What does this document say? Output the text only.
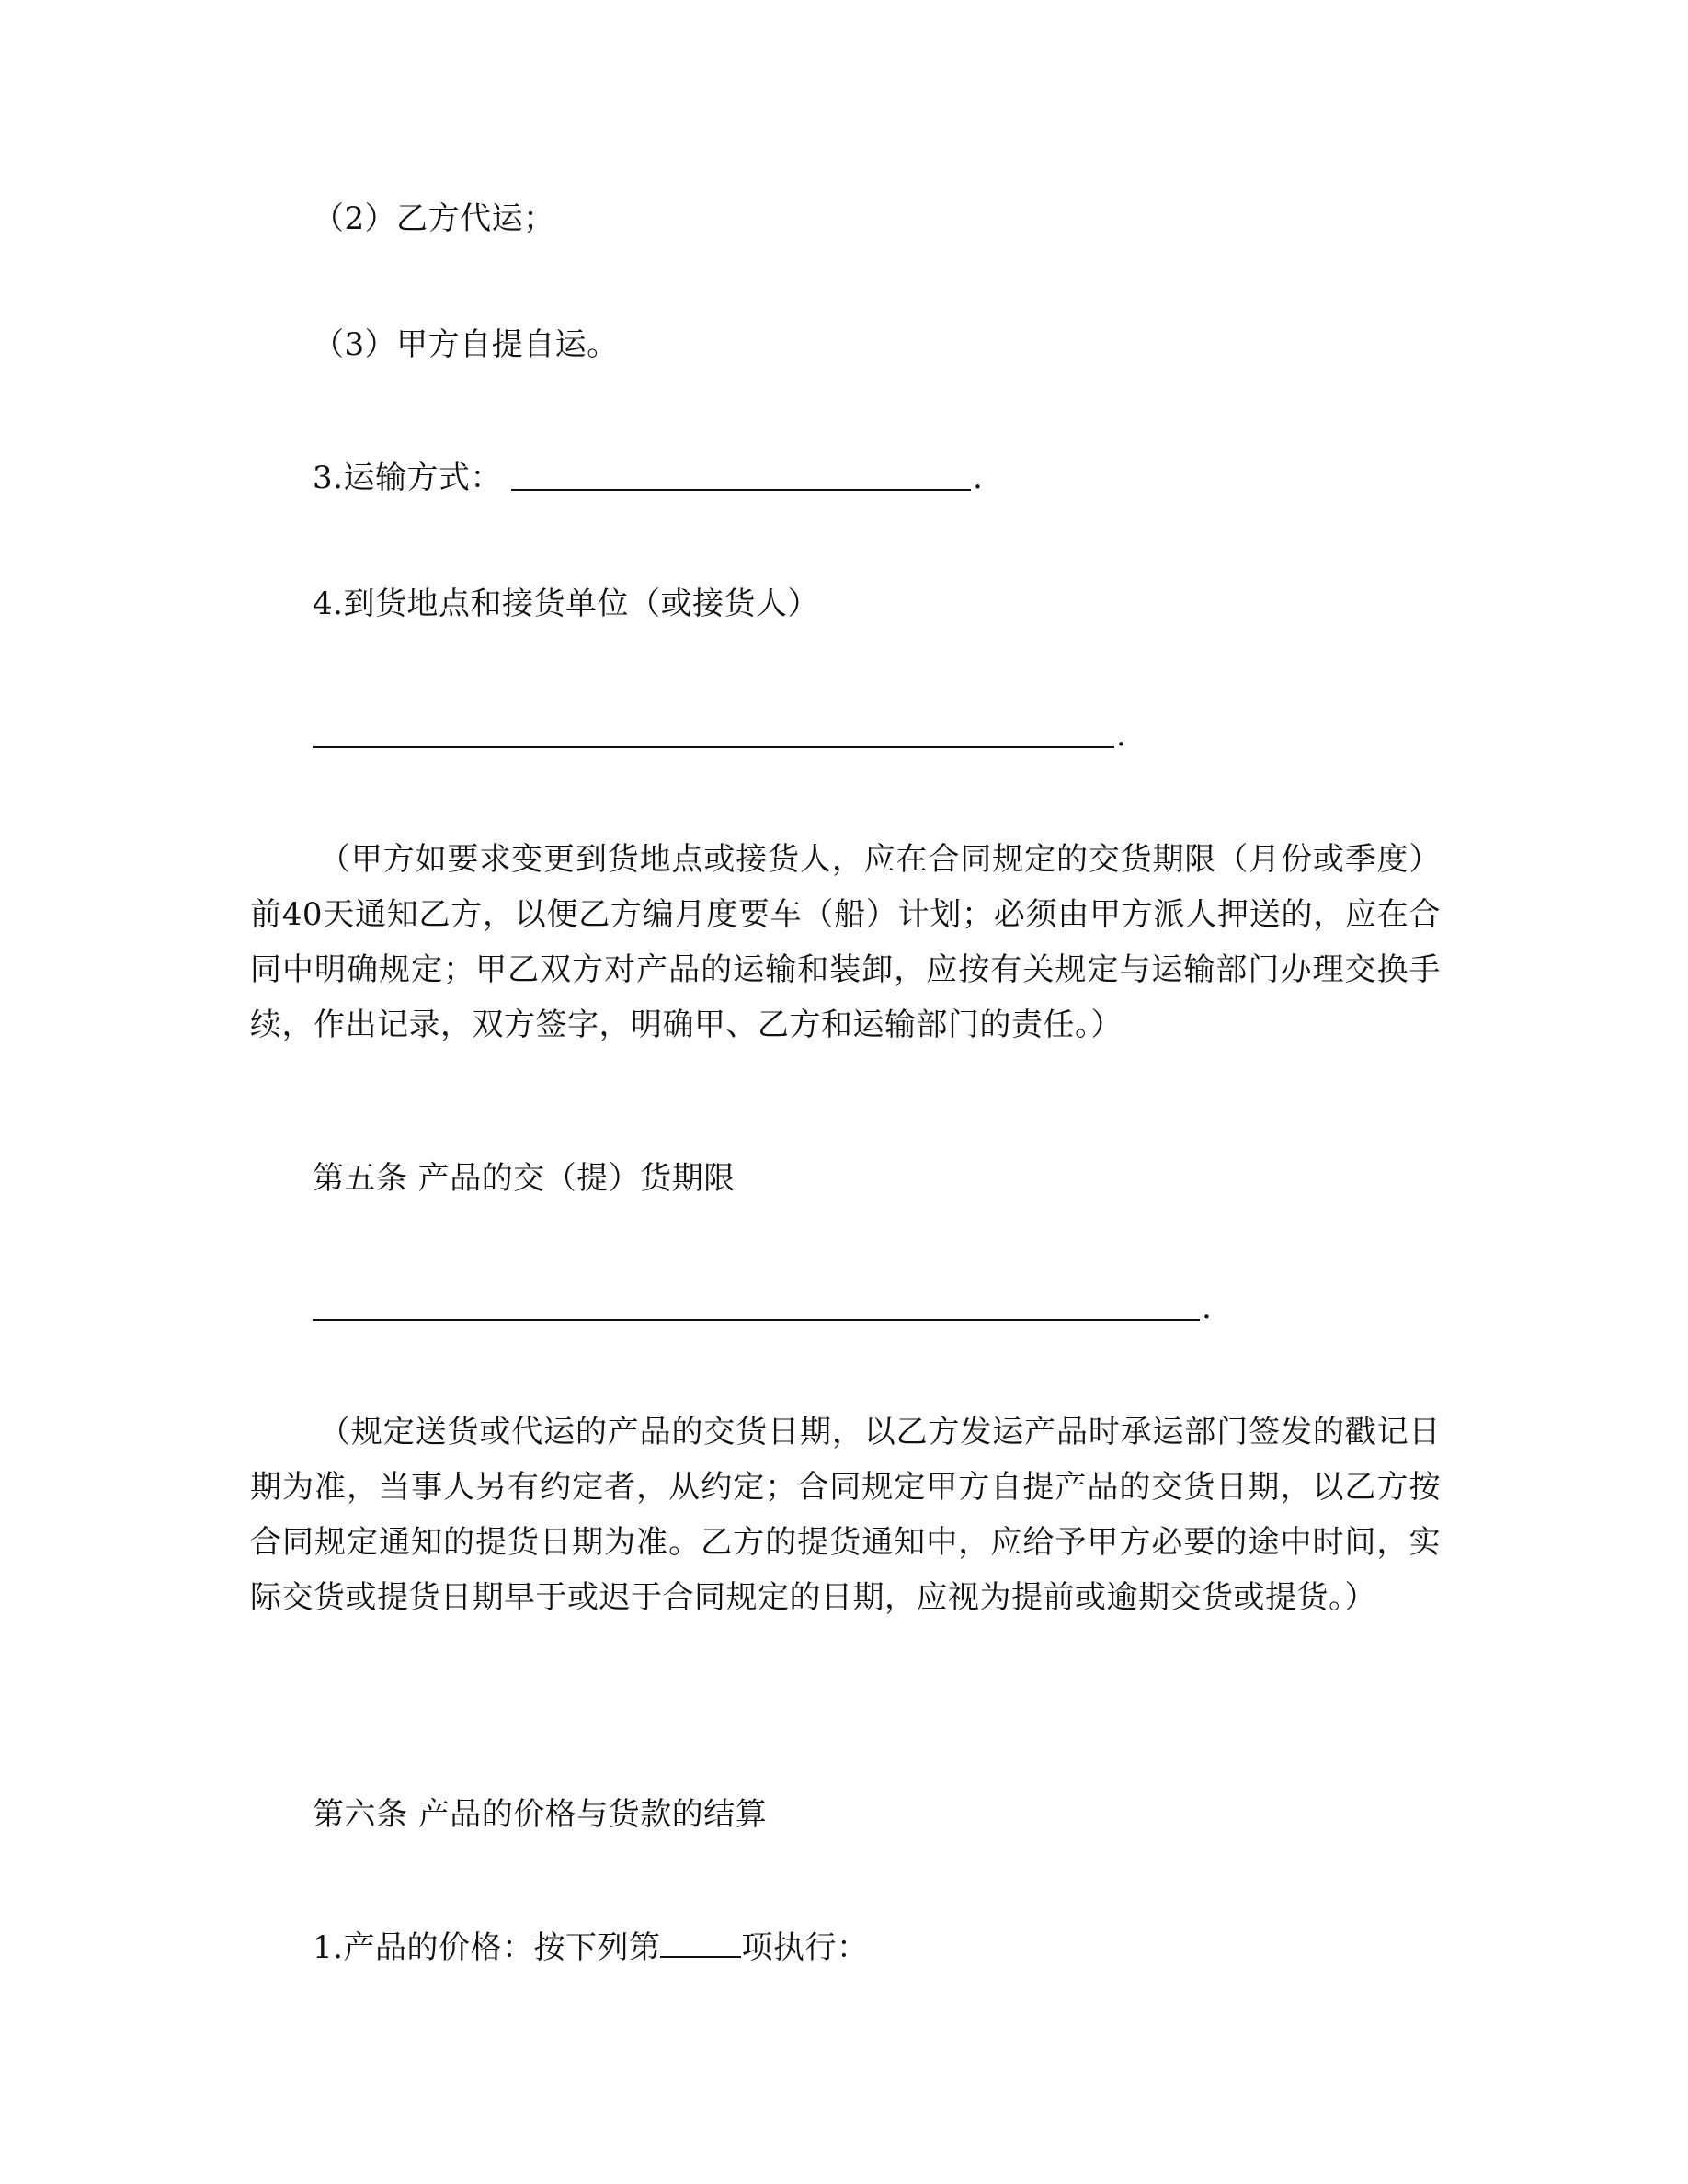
（2）乙方代运；
（3）甲方自提自运。
3.运输方式：	.
4.到货地点和接货单位（或接货人）
.

（甲方如要求变更到货地点或接货人，应在合同规定的交货期限（月份或季度）前40天通知乙方，以便乙方编月度要车（船）计划；必须由甲方派人押送的，应在合同中明确规定；甲乙双方对产品的运输和装卸，应按有关规定与运输部门办理交换手续，作出记录，双方签字，明确甲、乙方和运输部门的责任。）

第五条 产品的交（提）货期限
.

（规定送货或代运的产品的交货日期，以乙方发运产品时承运部门签发的戳记日期为准，当事人另有约定者，从约定；合同规定甲方自提产品的交货日期，以乙方按合同规定通知的提货日期为准。乙方的提货通知中，应给予甲方必要的途中时间，实际交货或提货日期早于或迟于合同规定的日期，应视为提前或逾期交货或提货。）

第六条 产品的价格与货款的结算
1.产品的价格：按下列第	项执行：
